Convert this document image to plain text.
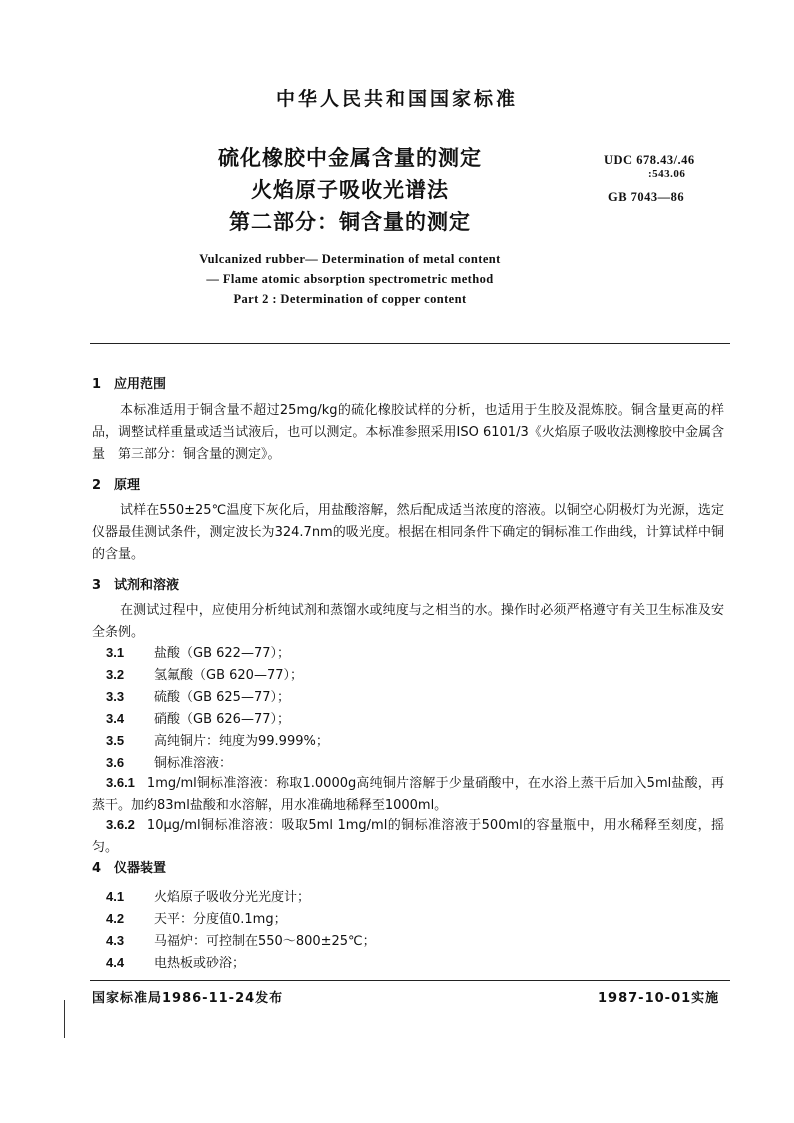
中华人民共和国国家标准
硫化橡胶中金属含量的测定
火焰原子吸收光谱法
第二部分：铜含量的测定
UDC 678.43/.46
:543.06
GB 7043—86
Vulcanized rubber— Determination of metal content
— Flame atomic absorption spectrometric method
Part 2 : Determination of copper content
1 应用范围
本标准适用于铜含量不超过25mg/kg的硫化橡胶试样的分析，也适用于生胶及混炼胶。铜含量更高的样品，调整试样重量或适当试液后，也可以测定。本标准参照采用ISO 6101/3《火焰原子吸收法测橡胶中金属含量　第三部分：铜含量的测定》。
2 原理
试样在550±25℃温度下灰化后，用盐酸溶解，然后配成适当浓度的溶液。以铜空心阴极灯为光源，选定仪器最佳测试条件，测定波长为324.7nm的吸光度。根据在相同条件下确定的铜标准工作曲线，计算试样中铜的含量。
3 试剂和溶液
在测试过程中，应使用分析纯试剂和蒸馏水或纯度与之相当的水。操作时必须严格遵守有关卫生标准及安全条例。
3.1 盐酸（GB 622—77）；
3.2 氢氟酸（GB 620—77）；
3.3 硫酸（GB 625—77）；
3.4 硝酸（GB 626—77）；
3.5 高纯铜片：纯度为99.999%；
3.6 铜标准溶液：
3.6.1 1mg/ml铜标准溶液：称取1.0000g高纯铜片溶解于少量硝酸中，在水浴上蒸干后加入5ml盐酸，再蒸干。加约83ml盐酸和水溶解，用水准确地稀释至1000ml。
3.6.2 10μg/ml铜标准溶液：吸取5ml 1mg/ml的铜标准溶液于500ml的容量瓶中，用水稀释至刻度，摇匀。
4 仪器装置
4.1 火焰原子吸收分光光度计；
4.2 天平：分度值0.1mg；
4.3 马福炉：可控制在550～800±25℃；
4.4 电热板或砂浴；
国家标准局1986-11-24发布	1987-10-01实施
